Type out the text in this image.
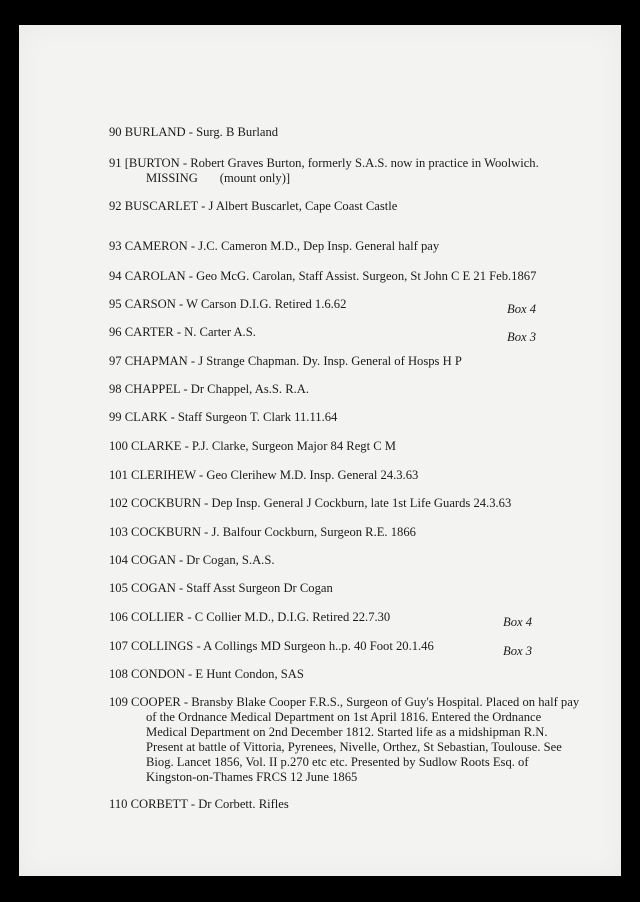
90 BURLAND - Surg. B Burland
91 [BURTON - Robert Graves Burton, formerly S.A.S. now in practice in Woolwich.
MISSING (mount only)]
92 BUSCARLET - J Albert Buscarlet, Cape Coast Castle
93 CAMERON - J.C. Cameron M.D., Dep Insp. General half pay
94 CAROLAN - Geo McG. Carolan, Staff Assist. Surgeon, St John C E 21 Feb.1867
95 CARSON - W Carson D.I.G. Retired 1.6.62	Box 4
96 CARTER - N. Carter A.S.	Box 3
97 CHAPMAN - J Strange Chapman. Dy. Insp. General of Hosps H P
98 CHAPPEL - Dr Chappel, As.S. R.A.
99 CLARK - Staff Surgeon T. Clark 11.11.64
100 CLARKE - P.J. Clarke, Surgeon Major 84 Regt C M
101 CLERIHEW - Geo Clerihew M.D. Insp. General 24.3.63
102 COCKBURN - Dep Insp. General J Cockburn, late 1st Life Guards 24.3.63
103 COCKBURN - J. Balfour Cockburn, Surgeon R.E. 1866
104 COGAN - Dr Cogan, S.A.S.
105 COGAN - Staff Asst Surgeon Dr Cogan
106 COLLIER - C Collier M.D., D.I.G. Retired 22.7.30	Box 4
107 COLLINGS - A Collings MD Surgeon h..p. 40 Foot 20.1.46	Box 3
108 CONDON - E Hunt Condon, SAS
109 COOPER - Bransby Blake Cooper F.R.S., Surgeon of Guy's Hospital. Placed on half pay
of the Ordnance Medical Department on 1st April 1816. Entered the Ordnance
Medical Department on 2nd December 1812. Started life as a midshipman R.N.
Present at battle of Vittoria, Pyrenees, Nivelle, Orthez, St Sebastian, Toulouse. See
Biog. Lancet 1856, Vol. II p.270 etc etc. Presented by Sudlow Roots Esq. of
Kingston-on-Thames FRCS 12 June 1865
110 CORBETT - Dr Corbett. Rifles
